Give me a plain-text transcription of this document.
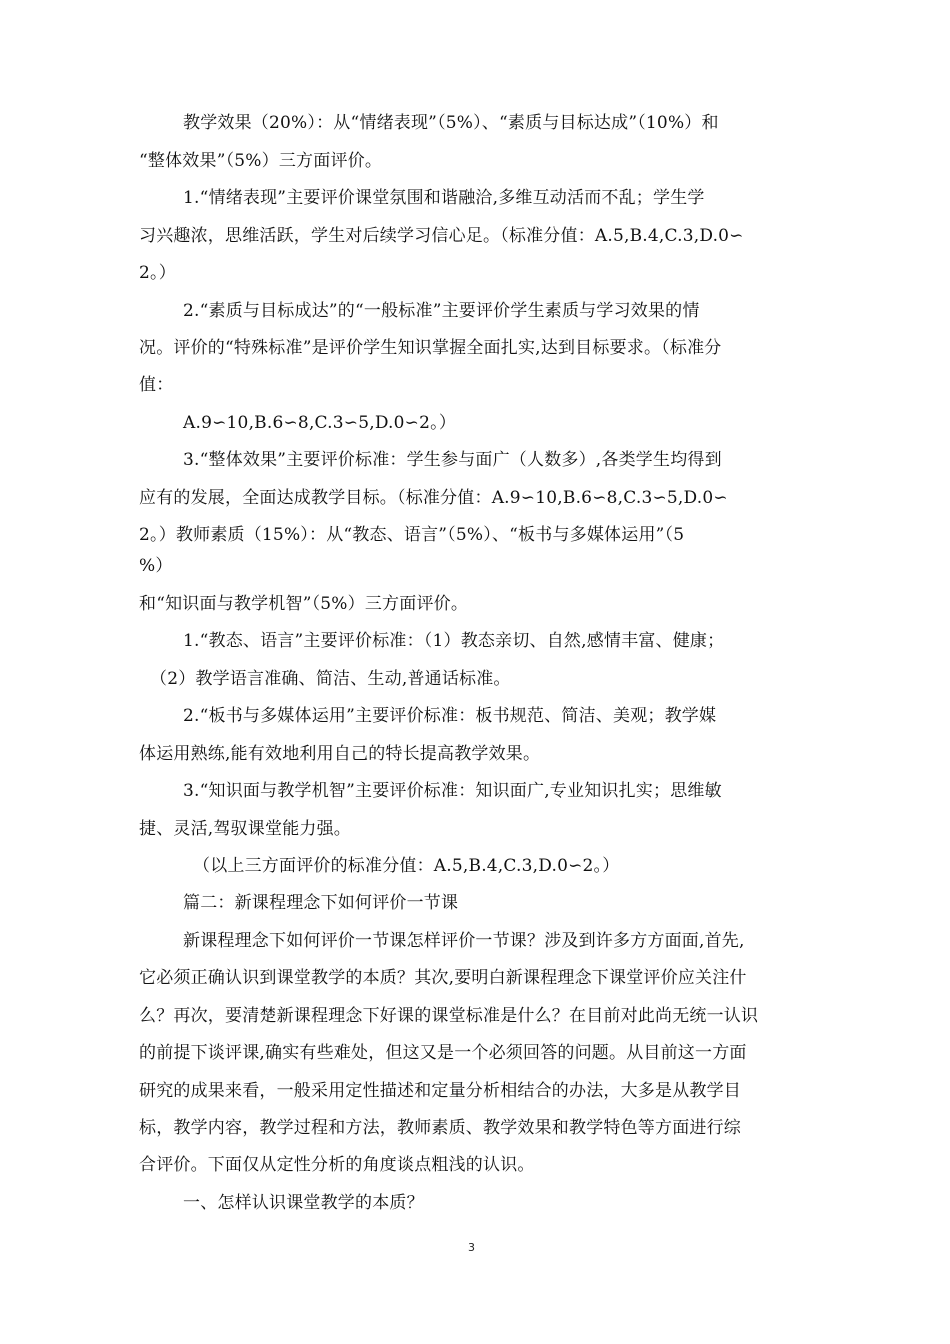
教学效果（20%）：从“情绪表现”（5%）、“素质与目标达成”（10%）和
“整体效果”（5%）三方面评价。
1.“情绪表现”主要评价课堂氛围和谐融洽,多维互动活而不乱；学生学
习兴趣浓，思维活跃，学生对后续学习信心足。（标准分值：A.5,B.4,C.3,D.0∽
2。）
2.“素质与目标成达”的“一般标准”主要评价学生素质与学习效果的情
况。评价的“特殊标准”是评价学生知识掌握全面扎实,达到目标要求。（标准分
值：
A.9∽10,B.6∽8,C.3∽5,D.0∽2。）
3.“整体效果”主要评价标准：学生参与面广（人数多）,各类学生均得到
应有的发展，全面达成教学目标。（标准分值：A.9∽10,B.6∽8,C.3∽5,D.0∽
2。）教师素质（15%）：从“教态、语言”（5%）、“板书与多媒体运用”（5
%）
和“知识面与教学机智”（5%）三方面评价。
1.“教态、语言”主要评价标准：（1）教态亲切、自然,感情丰富、健康；
（2）教学语言准确、简洁、生动,普通话标准。
2.“板书与多媒体运用”主要评价标准：板书规范、简洁、美观；教学媒
体运用熟练,能有效地利用自己的特长提高教学效果。
3.“知识面与教学机智”主要评价标准：知识面广,专业知识扎实；思维敏
捷、灵活,驾驭课堂能力强。
（以上三方面评价的标准分值：A.5,B.4,C.3,D.0∽2。）
篇二：新课程理念下如何评价一节课
新课程理念下如何评价一节课怎样评价一节课？涉及到许多方方面面,首先,
它必须正确认识到课堂教学的本质？其次,要明白新课程理念下课堂评价应关注什
么？再次，要清楚新课程理念下好课的课堂标准是什么？在目前对此尚无统一认识
的前提下谈评课,确实有些难处，但这又是一个必须回答的问题。从目前这一方面
研究的成果来看，一般采用定性描述和定量分析相结合的办法，大多是从教学目
标，教学内容，教学过程和方法，教师素质、教学效果和教学特色等方面进行综
合评价。下面仅从定性分析的角度谈点粗浅的认识。
一、怎样认识课堂教学的本质？
3
